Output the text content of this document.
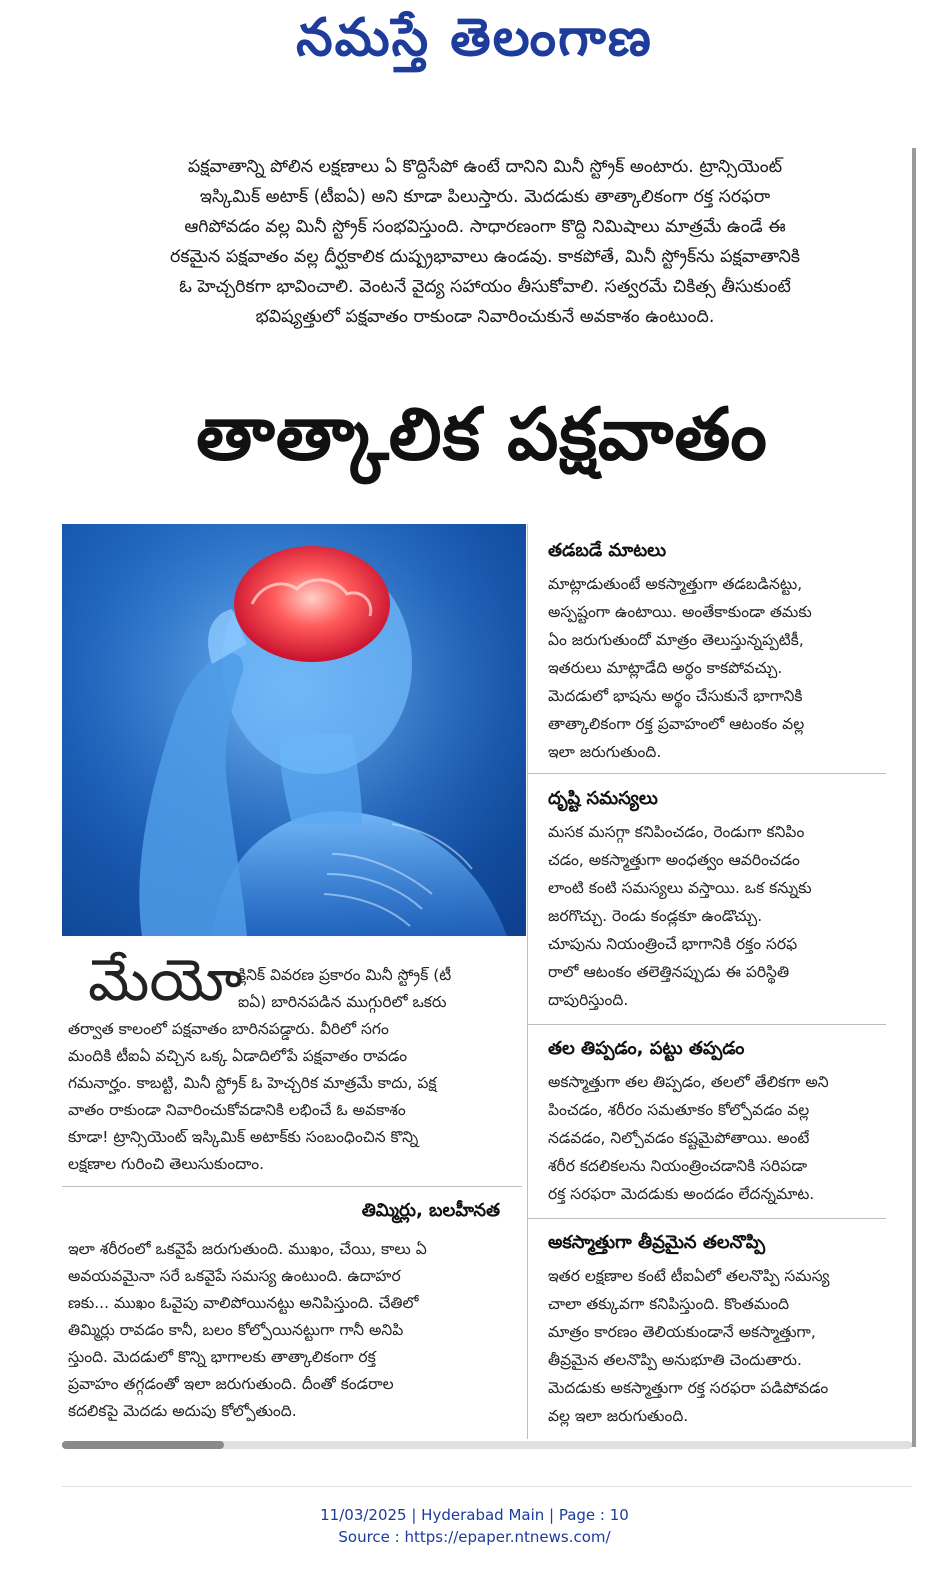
నమస్తే తెలంగాణ
పక్షవాతాన్ని పోలిన లక్షణాలు ఏ కొద్దిసేపో ఉంటే దానిని మినీ స్ట్రోక్ అంటారు. ట్రాన్సియెంట్
ఇస్కిమిక్ అటాక్ (టీఐఏ) అని కూడా పిలుస్తారు. మెదడుకు తాత్కాలికంగా రక్త సరఫరా
ఆగిపోవడం వల్ల మినీ స్ట్రోక్ సంభవిస్తుంది. సాధారణంగా కొద్ది నిమిషాలు మాత్రమే ఉండే ఈ
రకమైన పక్షవాతం వల్ల దీర్ఘకాలిక దుష్ప్రభావాలు ఉండవు. కాకపోతే, మినీ స్ట్రోక్‌ను పక్షవాతానికి
ఓ హెచ్చరికగా భావించాలి. వెంటనే వైద్య సహాయం తీసుకోవాలి. సత్వరమే చికిత్స తీసుకుంటే
భవిష్యత్తులో పక్షవాతం రాకుండా నివారించుకునే అవకాశం ఉంటుంది.
తాత్కాలిక పక్షవాతం
మేయో
క్లినిక్ వివరణ ప్రకారం మినీ స్ట్రోక్ (టీ
ఐఏ) బారినపడిన ముగ్గురిలో ఒకరు
తర్వాత కాలంలో పక్షవాతం బారినపడ్డారు. వీరిలో సగం
మందికి టీఐఏ వచ్చిన ఒక్క ఏడాదిలోపే పక్షవాతం రావడం
గమనార్హం. కాబట్టి, మినీ స్ట్రోక్ ఓ హెచ్చరిక మాత్రమే కాదు, పక్ష
వాతం రాకుండా నివారించుకోవడానికి లభించే ఓ అవకాశం
కూడా! ట్రాన్సియెంట్ ఇస్కిమిక్ అటాక్‌కు సంబంధించిన కొన్ని
లక్షణాల గురించి తెలుసుకుందాం.
తిమ్మిర్లు, బలహీనత
ఇలా శరీరంలో ఒకవైపే జరుగుతుంది. ముఖం, చేయి, కాలు ఏ
అవయవమైనా సరే ఒకవైపే సమస్య ఉంటుంది. ఉదాహర
ణకు... ముఖం ఓవైపు వాలిపోయినట్టు అనిపిస్తుంది. చేతిలో
తిమ్మిర్లు రావడం కానీ, బలం కోల్పోయినట్టుగా గానీ అనిపి
స్తుంది. మెదడులో కొన్ని భాగాలకు తాత్కాలికంగా రక్త
ప్రవాహం తగ్గడంతో ఇలా జరుగుతుంది. దీంతో కండరాల
కదలికపై మెదడు అదుపు కోల్పోతుంది.
తడబడే మాటలు
మాట్లాడుతుంటే అకస్మాత్తుగా తడబడినట్టు,
అస్పష్టంగా ఉంటాయి. అంతేకాకుండా తమకు
ఏం జరుగుతుందో మాత్రం తెలుస్తున్నప్పటికీ,
ఇతరులు మాట్లాడేది అర్థం కాకపోవచ్చు.
మెదడులో భాషను అర్థం చేసుకునే భాగానికి
తాత్కాలికంగా రక్త ప్రవాహంలో ఆటంకం వల్ల
ఇలా జరుగుతుంది.
దృష్టి సమస్యలు
మసక మసగ్గా కనిపించడం, రెండుగా కనిపిం
చడం, అకస్మాత్తుగా అంధత్వం ఆవరించడం
లాంటి కంటి సమస్యలు వస్తాయి. ఒక కన్నుకు
జరగొచ్చు. రెండు కండ్లకూ ఉండొచ్చు.
చూపును నియంత్రించే భాగానికి రక్తం సరఫ
రాలో ఆటంకం తలెత్తినప్పుడు ఈ పరిస్థితి
దాపురిస్తుంది.
తల తిప్పడం, పట్టు తప్పడం
అకస్మాత్తుగా తల తిప్పడం, తలలో తేలికగా అని
పించడం, శరీరం సమతూకం కోల్పోవడం వల్ల
నడవడం, నిల్చోవడం కష్టమైపోతాయి. అంటే
శరీర కదలికలను నియంత్రించడానికి సరిపడా
రక్త సరఫరా మెదడుకు అందడం లేదన్నమాట.
అకస్మాత్తుగా తీవ్రమైన తలనొప్పి
ఇతర లక్షణాల కంటే టీఐఏలో తలనొప్పి సమస్య
చాలా తక్కువగా కనిపిస్తుంది. కొంతమంది
మాత్రం కారణం తెలియకుండానే అకస్మాత్తుగా,
తీవ్రమైన తలనొప్పి అనుభూతి చెందుతారు.
మెదడుకు అకస్మాత్తుగా రక్త సరఫరా పడిపోవడం
వల్ల ఇలా జరుగుతుంది.
11/03/2025 | Hyderabad Main | Page : 10
Source : https://epaper.ntnews.com/
